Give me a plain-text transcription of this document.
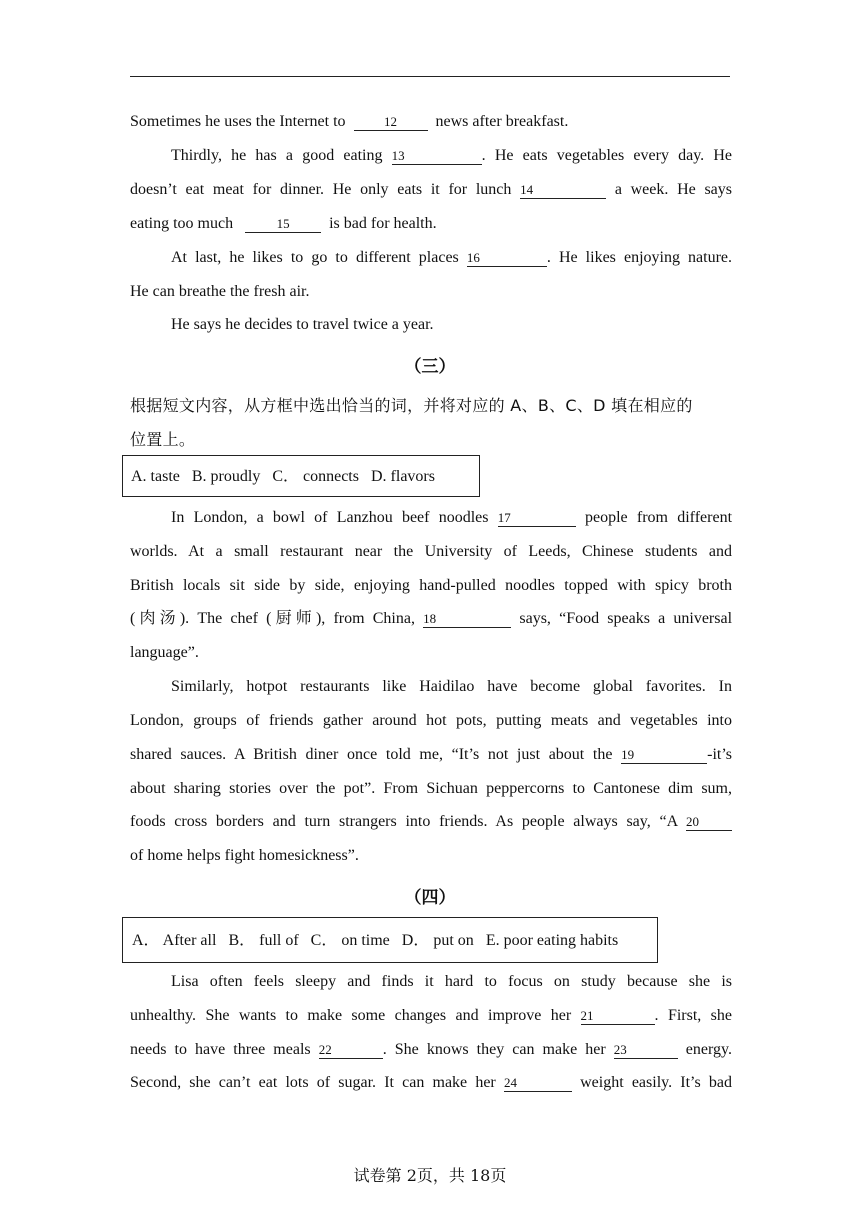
Sometimes he uses the Internet to	12 news after breakfast.
Thirdly, he has a good eating 13	. He eats vegetables every day. He
doesn’t eat meat for dinner. He only eats it for lunch 14	a week. He says
eating too much	15 is bad for health.
At last, he likes to go to different places 16	. He likes enjoying nature.
He can breathe the fresh air.
He says he decides to travel twice a year.
（三）
根据短文内容，从方框中选出恰当的词，并将对应的 A、B、C、D 填在相应的
位置上。
A. taste B. proudly C． connects D. flavors
In London, a bowl of Lanzhou beef noodles 17	people from different
worlds. At a small restaurant near the University of Leeds, Chinese students and
British locals sit side by side, enjoying hand-pulled noodles topped with spicy broth
(肉汤). The chef (厨师), from China, 18	says, “Food speaks a universal
language”.
Similarly, hotpot restaurants like Haidilao have become global favorites. In
London, groups of friends gather around hot pots, putting meats and vegetables into
shared sauces. A British diner once told me, “It’s not just about the 19	-it’s
about sharing stories over the pot”. From Sichuan peppercorns to Cantonese dim sum,
foods cross borders and turn strangers into friends. As people always say, “A 20
of home helps fight homesickness”.
（四）
A． After all B． full of C． on time D． put on E. poor eating habits
Lisa often feels sleepy and finds it hard to focus on study because she is
unhealthy. She wants to make some changes and improve her 21	. First, she
needs to have three meals 22	. She knows they can make her 23	energy.
Second, she can’t eat lots of sugar. It can make her 24	weight easily. It’s bad
试卷第 2页，共 18页
